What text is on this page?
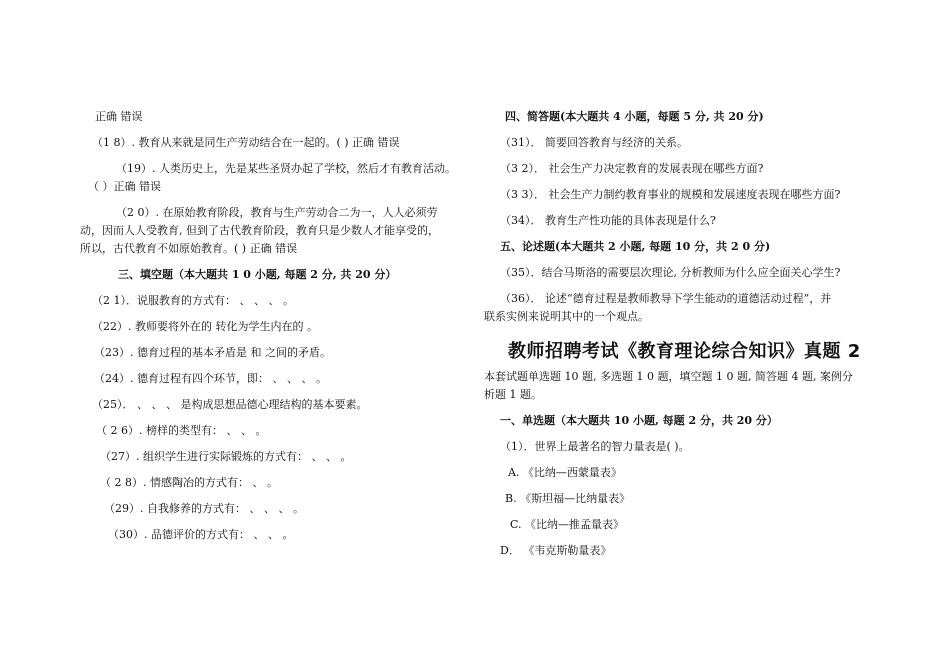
正确 错误
（1 8）. 教育从来就是同生产劳动结合在一起的。( ) 正确 错误
（19）. 人类历史上，先是某些圣贤办起了学校，然后才有教育活动。
（ ）正确 错误
（2 0）. 在原始教育阶段，教育与生产劳动合二为一，人人必须劳
动，因而人人受教育, 但到了古代教育阶段，教育只是少数人才能享受的，
所以，古代教育不如原始教育。( ) 正确 错误
三、填空题（本大题共 1 0 小题, 每题 2 分, 共 20 分）
（2 1）．说服教育的方式有： 、 、 、 。
（22）. 教师要将外在的 转化为学生内在的 。
（23）. 德育过程的基本矛盾是 和 之间的矛盾。
（24）. 德育过程有四个环节，即： 、 、 、 。
（25）． 、 、 、 是构成思想品德心理结构的基本要素。
（ 2 6）. 榜样的类型有： 、 、 。
（27）. 组织学生进行实际锻炼的方式有： 、 、 。
（ 2 8）. 情感陶冶的方式有： 、 。
（29）. 自我修养的方式有： 、 、 、 。
（30）. 品德评价的方式有： 、 、 。
四、简答题(本大题共 4 小题，每题 5 分, 共 20 分)
（31）． 简要回答教育与经济的关系。
（3 2）． 社会生产力决定教育的发展表现在哪些方面?
（3 3）． 社会生产力制约教育事业的规模和发展速度表现在哪些方面?
（34）． 教育生产性功能的具体表现是什么?
五、论述题(本大题共 2 小题, 每题 10 分，共 2 0 分)
（35）．结合马斯洛的需要层次理论, 分析教师为什么应全面关心学生?
（36）． 论述“德育过程是教师教导下学生能动的道德活动过程”，并
联系实例来说明其中的一个观点。
教师招聘考试《教育理论综合知识》真题 2
本套试题单选题 10 题, 多选题 1 0 题，填空题 1 0 题, 简答题 4 题, 案例分
析题 1 题。
一、单选题（本大题共 10 小题, 每题 2 分，共 20 分）
（1）．世界上最著名的智力量表是( )。
A. 《比纳—西蒙量表》
B. 《斯坦福—比纳量表》
C. 《比纳—推孟量表》
D． 《韦克斯勒量表》
